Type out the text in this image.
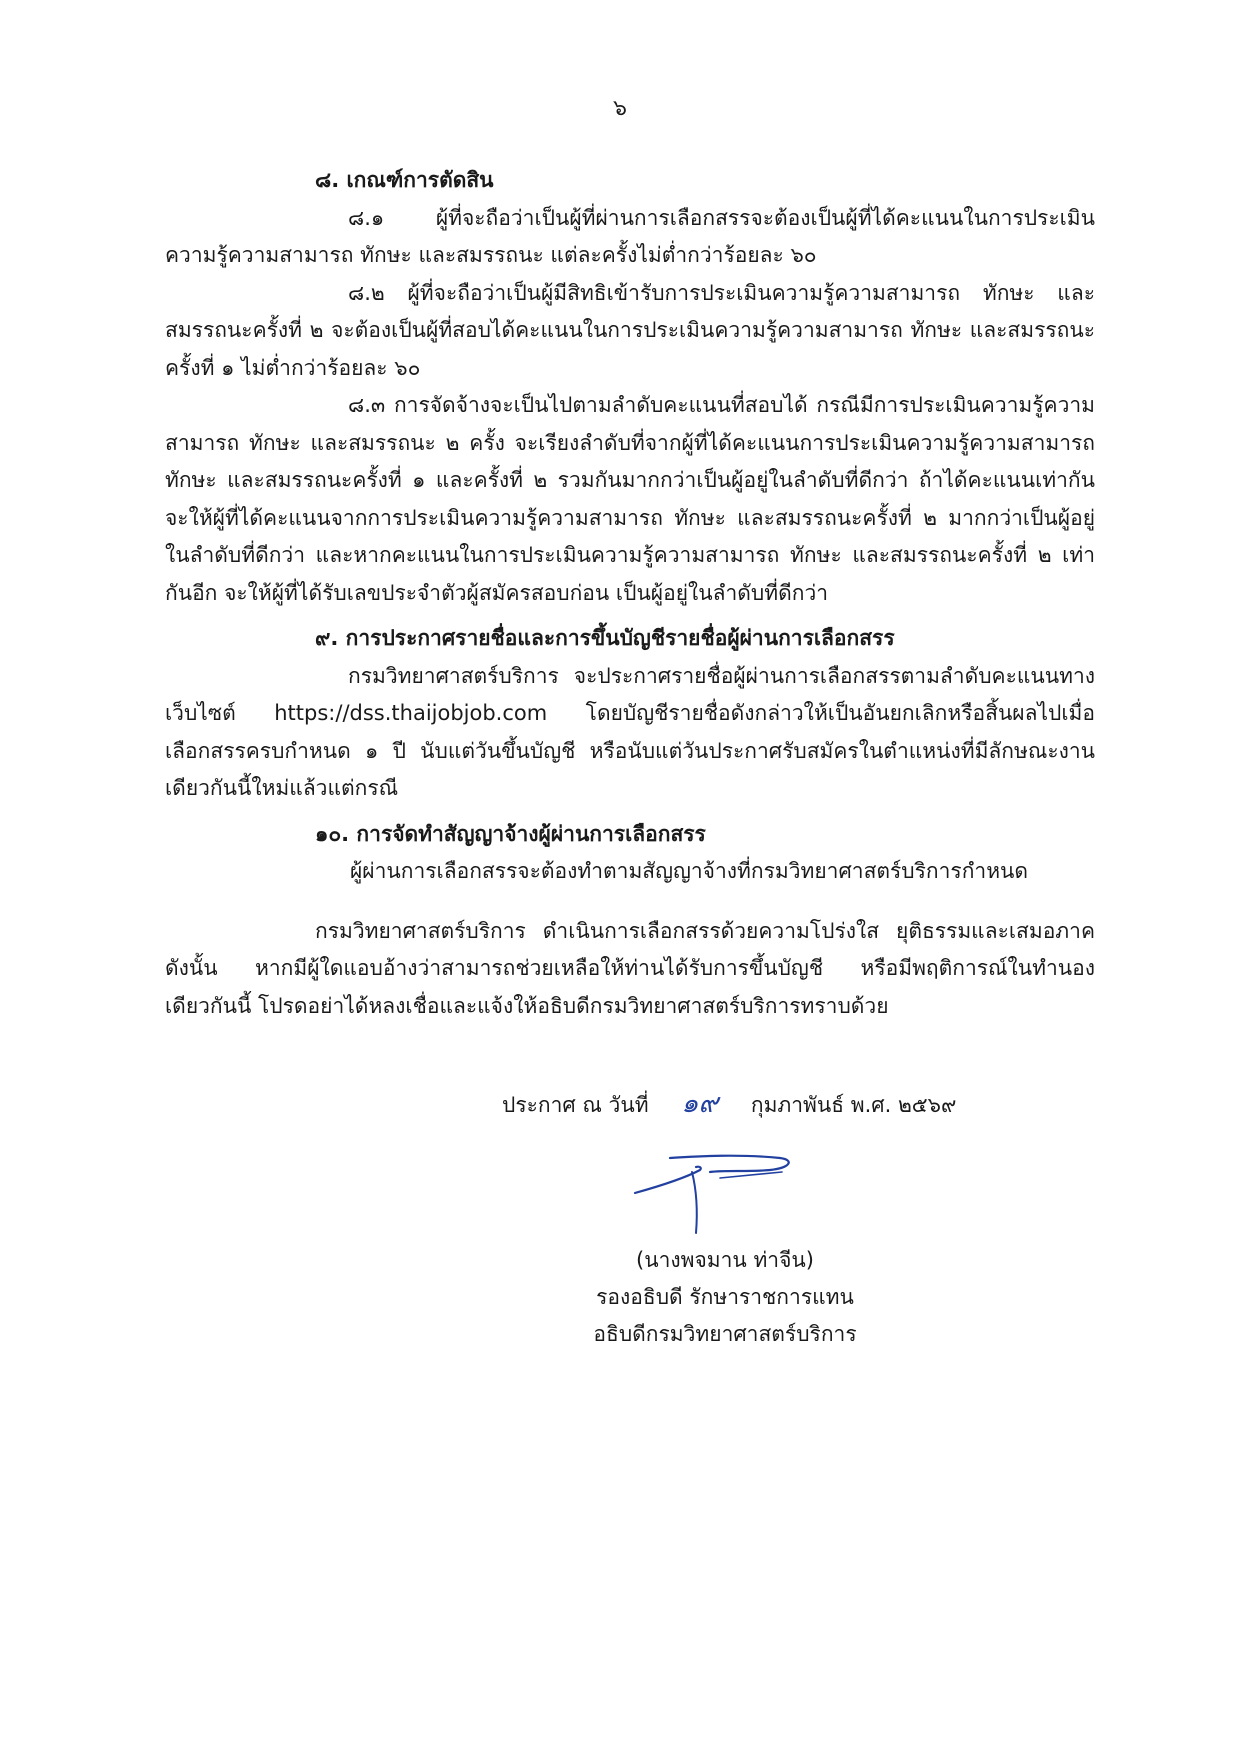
๖

๘. เกณฑ์การตัดสิน

๘.๑ ผู้ที่จะถือว่าเป็นผู้ที่ผ่านการเลือกสรรจะต้องเป็นผู้ที่ได้คะแนนในการประเมินความรู้ความสามารถ ทักษะ และสมรรถนะ แต่ละครั้งไม่ต่ำกว่าร้อยละ ๖๐

๘.๒ ผู้ที่จะถือว่าเป็นผู้มีสิทธิเข้ารับการประเมินความรู้ความสามารถ ทักษะ และสมรรถนะครั้งที่ ๒ จะต้องเป็นผู้ที่สอบได้คะแนนในการประเมินความรู้ความสามารถ ทักษะ และสมรรถนะครั้งที่ ๑ ไม่ต่ำกว่าร้อยละ ๖๐

๘.๓ การจัดจ้างจะเป็นไปตามลำดับคะแนนที่สอบได้ กรณีมีการประเมินความรู้ความสามารถ ทักษะ และสมรรถนะ ๒ ครั้ง จะเรียงลำดับที่จากผู้ที่ได้คะแนนการประเมินความรู้ความสามารถ ทักษะ และสมรรถนะครั้งที่ ๑ และครั้งที่ ๒ รวมกันมากกว่าเป็นผู้อยู่ในลำดับที่ดีกว่า ถ้าได้คะแนนเท่ากัน จะให้ผู้ที่ได้คะแนนจากการประเมินความรู้ความสามารถ ทักษะ และสมรรถนะครั้งที่ ๒ มากกว่าเป็นผู้อยู่ในลำดับที่ดีกว่า และหากคะแนนในการประเมินความรู้ความสามารถ ทักษะ และสมรรถนะครั้งที่ ๒ เท่ากันอีก จะให้ผู้ที่ได้รับเลขประจำตัวผู้สมัครสอบก่อน เป็นผู้อยู่ในลำดับที่ดีกว่า

๙. การประกาศรายชื่อและการขึ้นบัญชีรายชื่อผู้ผ่านการเลือกสรร

กรมวิทยาศาสตร์บริการ จะประกาศรายชื่อผู้ผ่านการเลือกสรรตามลำดับคะแนนทางเว็บไซต์ https://dss.thaijobjob.com โดยบัญชีรายชื่อดังกล่าวให้เป็นอันยกเลิกหรือสิ้นผลไปเมื่อเลือกสรรครบกำหนด ๑ ปี นับแต่วันขึ้นบัญชี หรือนับแต่วันประกาศรับสมัครในตำแหน่งที่มีลักษณะงานเดียวกันนี้ใหม่แล้วแต่กรณี

๑๐. การจัดทำสัญญาจ้างผู้ผ่านการเลือกสรร

ผู้ผ่านการเลือกสรรจะต้องทำตามสัญญาจ้างที่กรมวิทยาศาสตร์บริการกำหนด

กรมวิทยาศาสตร์บริการ ดำเนินการเลือกสรรด้วยความโปร่งใส ยุติธรรมและเสมอภาค ดังนั้น หากมีผู้ใดแอบอ้างว่าสามารถช่วยเหลือให้ท่านได้รับการขึ้นบัญชี หรือมีพฤติการณ์ในทำนองเดียวกันนี้ โปรดอย่าได้หลงเชื่อและแจ้งให้อธิบดีกรมวิทยาศาสตร์บริการทราบด้วย

ประกาศ ณ วันที่ ๑๙ กุมภาพันธ์ พ.ศ. ๒๕๖๙
(นางพจมาน ท่าจีน)
รองอธิบดี รักษาราชการแทน
อธิบดีกรมวิทยาศาสตร์บริการ
